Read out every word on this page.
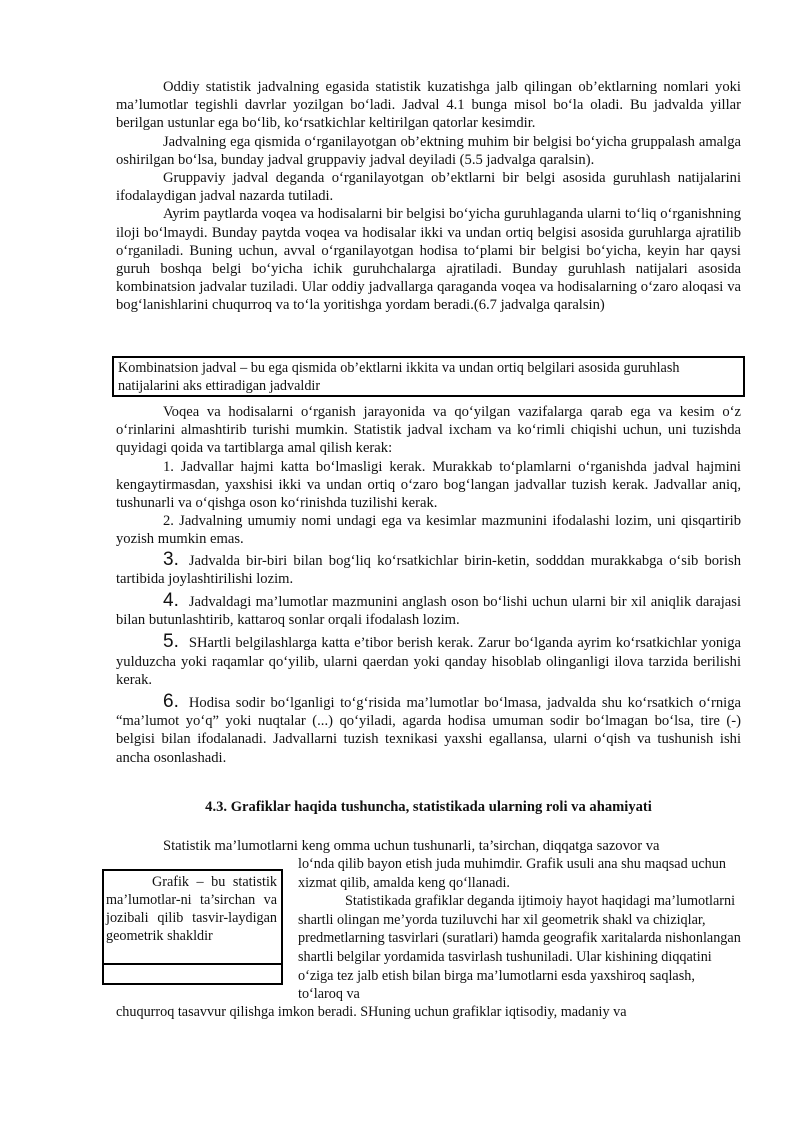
Oddiy statistik jadvalning egasida statistik kuzatishga jalb qilingan ob’ektlarning nomlari yoki ma’lumotlar tegishli davrlar yozilgan bo‘ladi. Jadval 4.1 bunga misol bo‘la oladi. Bu jadvalda yillar berilgan ustunlar ega bo‘lib, ko‘rsatkichlar keltirilgan qatorlar kesimdir.

Jadvalning ega qismida o‘rganilayotgan ob’ektning muhim bir belgisi bo‘yicha gruppalash amalga oshirilgan bo‘lsa, bunday jadval gruppaviy jadval deyiladi (5.5 jadvalga qaralsin).

Gruppaviy jadval deganda o‘rganilayotgan ob’ektlarni bir belgi asosida guruhlash natijalarini ifodalaydigan jadval nazarda tutiladi.

Ayrim paytlarda voqea va hodisalarni bir belgisi bo‘yicha guruhlaganda ularni to‘liq o‘rganishning iloji bo‘lmaydi. Bunday paytda voqea va hodisalar ikki va undan ortiq belgisi asosida guruhlarga ajratilib o‘rganiladi. Buning uchun, avval o‘rganilayotgan hodisa to‘plami bir belgisi bo‘yicha, keyin har qaysi guruh boshqa belgi bo‘yicha ichik guruhchalarga ajratiladi. Bunday guruhlash natijalari asosida kombinatsion jadvalar tuziladi. Ular oddiy jadvallarga qaraganda voqea va hodisalarning o‘zaro aloqasi va bog‘lanishlarini chuqurroq va to‘la yoritishga yordam beradi.(6.7 jadvalga qaralsin)

Kombinatsion jadval – bu ega qismida ob’ektlarni ikkita va undan ortiq belgilari asosida guruhlash natijalarini aks ettiradigan jadvaldir

Voqea va hodisalarni o‘rganish jarayonida va qo‘yilgan vazifalarga qarab ega va kesim o‘z o‘rinlarini almashtirib turishi mumkin. Statistik jadval ixcham va ko‘rimli chiqishi uchun, uni tuzishda quyidagi qoida va tartiblarga amal qilish kerak:

1. Jadvallar hajmi katta bo‘lmasligi kerak. Murakkab to‘plamlarni o‘rganishda jadval hajmini kengaytirmasdan, yaxshisi ikki va undan ortiq o‘zaro bog‘langan jadvallar tuzish kerak. Jadvallar aniq, tushunarli va o‘qishga oson ko‘rinishda tuzilishi kerak.

2. Jadvalning umumiy nomi undagi ega va kesimlar mazmunini ifodalashi lozim, uni qisqartirib yozish mumkin emas.

3. Jadvalda bir-biri bilan bog‘liq ko‘rsatkichlar birin-ketin, sodddan murakkabga o‘sib borish tartibida joylashtirilishi lozim.

4. Jadvaldagi ma’lumotlar mazmunini anglash oson bo‘lishi uchun ularni bir xil aniqlik darajasi bilan butunlashtirib, kattaroq sonlar orqali ifodalash lozim.

5. SHartli belgilashlarga katta e’tibor berish kerak. Zarur bo‘lganda ayrim ko‘rsatkichlar yoniga yulduzcha yoki raqamlar qo‘yilib, ularni qaerdan yoki qanday hisoblab olinganligi ilova tarzida berilishi kerak.

6. Hodisa sodir bo‘lganligi to‘g‘risida ma’lumotlar bo‘lmasa, jadvalda shu ko‘rsatkich o‘rniga “ma’lumot yo‘q” yoki nuqtalar (...) qo‘yiladi, agarda hodisa umuman sodir bo‘lmagan bo‘lsa, tire (-) belgisi bilan ifodalanadi. Jadvallarni tuzish texnikasi yaxshi egallansa, ularni o‘qish va tushunish ishi ancha osonlashadi.

4.3. Grafiklar haqida tushuncha, statistikada ularning roli va ahamiyati

Statistik ma’lumotlarni keng omma uchun tushunarli, ta’sirchan, diqqatga sazovor va

Grafik – bu statistik ma’lumotlar-ni ta’sirchan va jozibali qilib tasvir-laydigan geometrik shakldir

lo‘nda qilib bayon etish juda muhimdir. Grafik usuli ana shu maqsad uchun xizmat qilib, amalda keng qo‘llanadi.

Statistikada grafiklar deganda ijtimoiy hayot haqidagi ma’lumotlarni shartli olingan me’yorda tuziluvchi har xil geometrik shakl va chiziqlar, predmetlarning tasvirlari (suratlari) hamda geografik xaritalarda nishonlangan shartli belgilar yordamida tasvirlash tushuniladi. Ular kishining diqqatini o‘ziga tez jalb etish bilan birga ma’lumotlarni esda yaxshiroq saqlash, to‘laroq va

chuqurroq tasavvur qilishga imkon beradi. SHuning uchun grafiklar iqtisodiy, madaniy va
